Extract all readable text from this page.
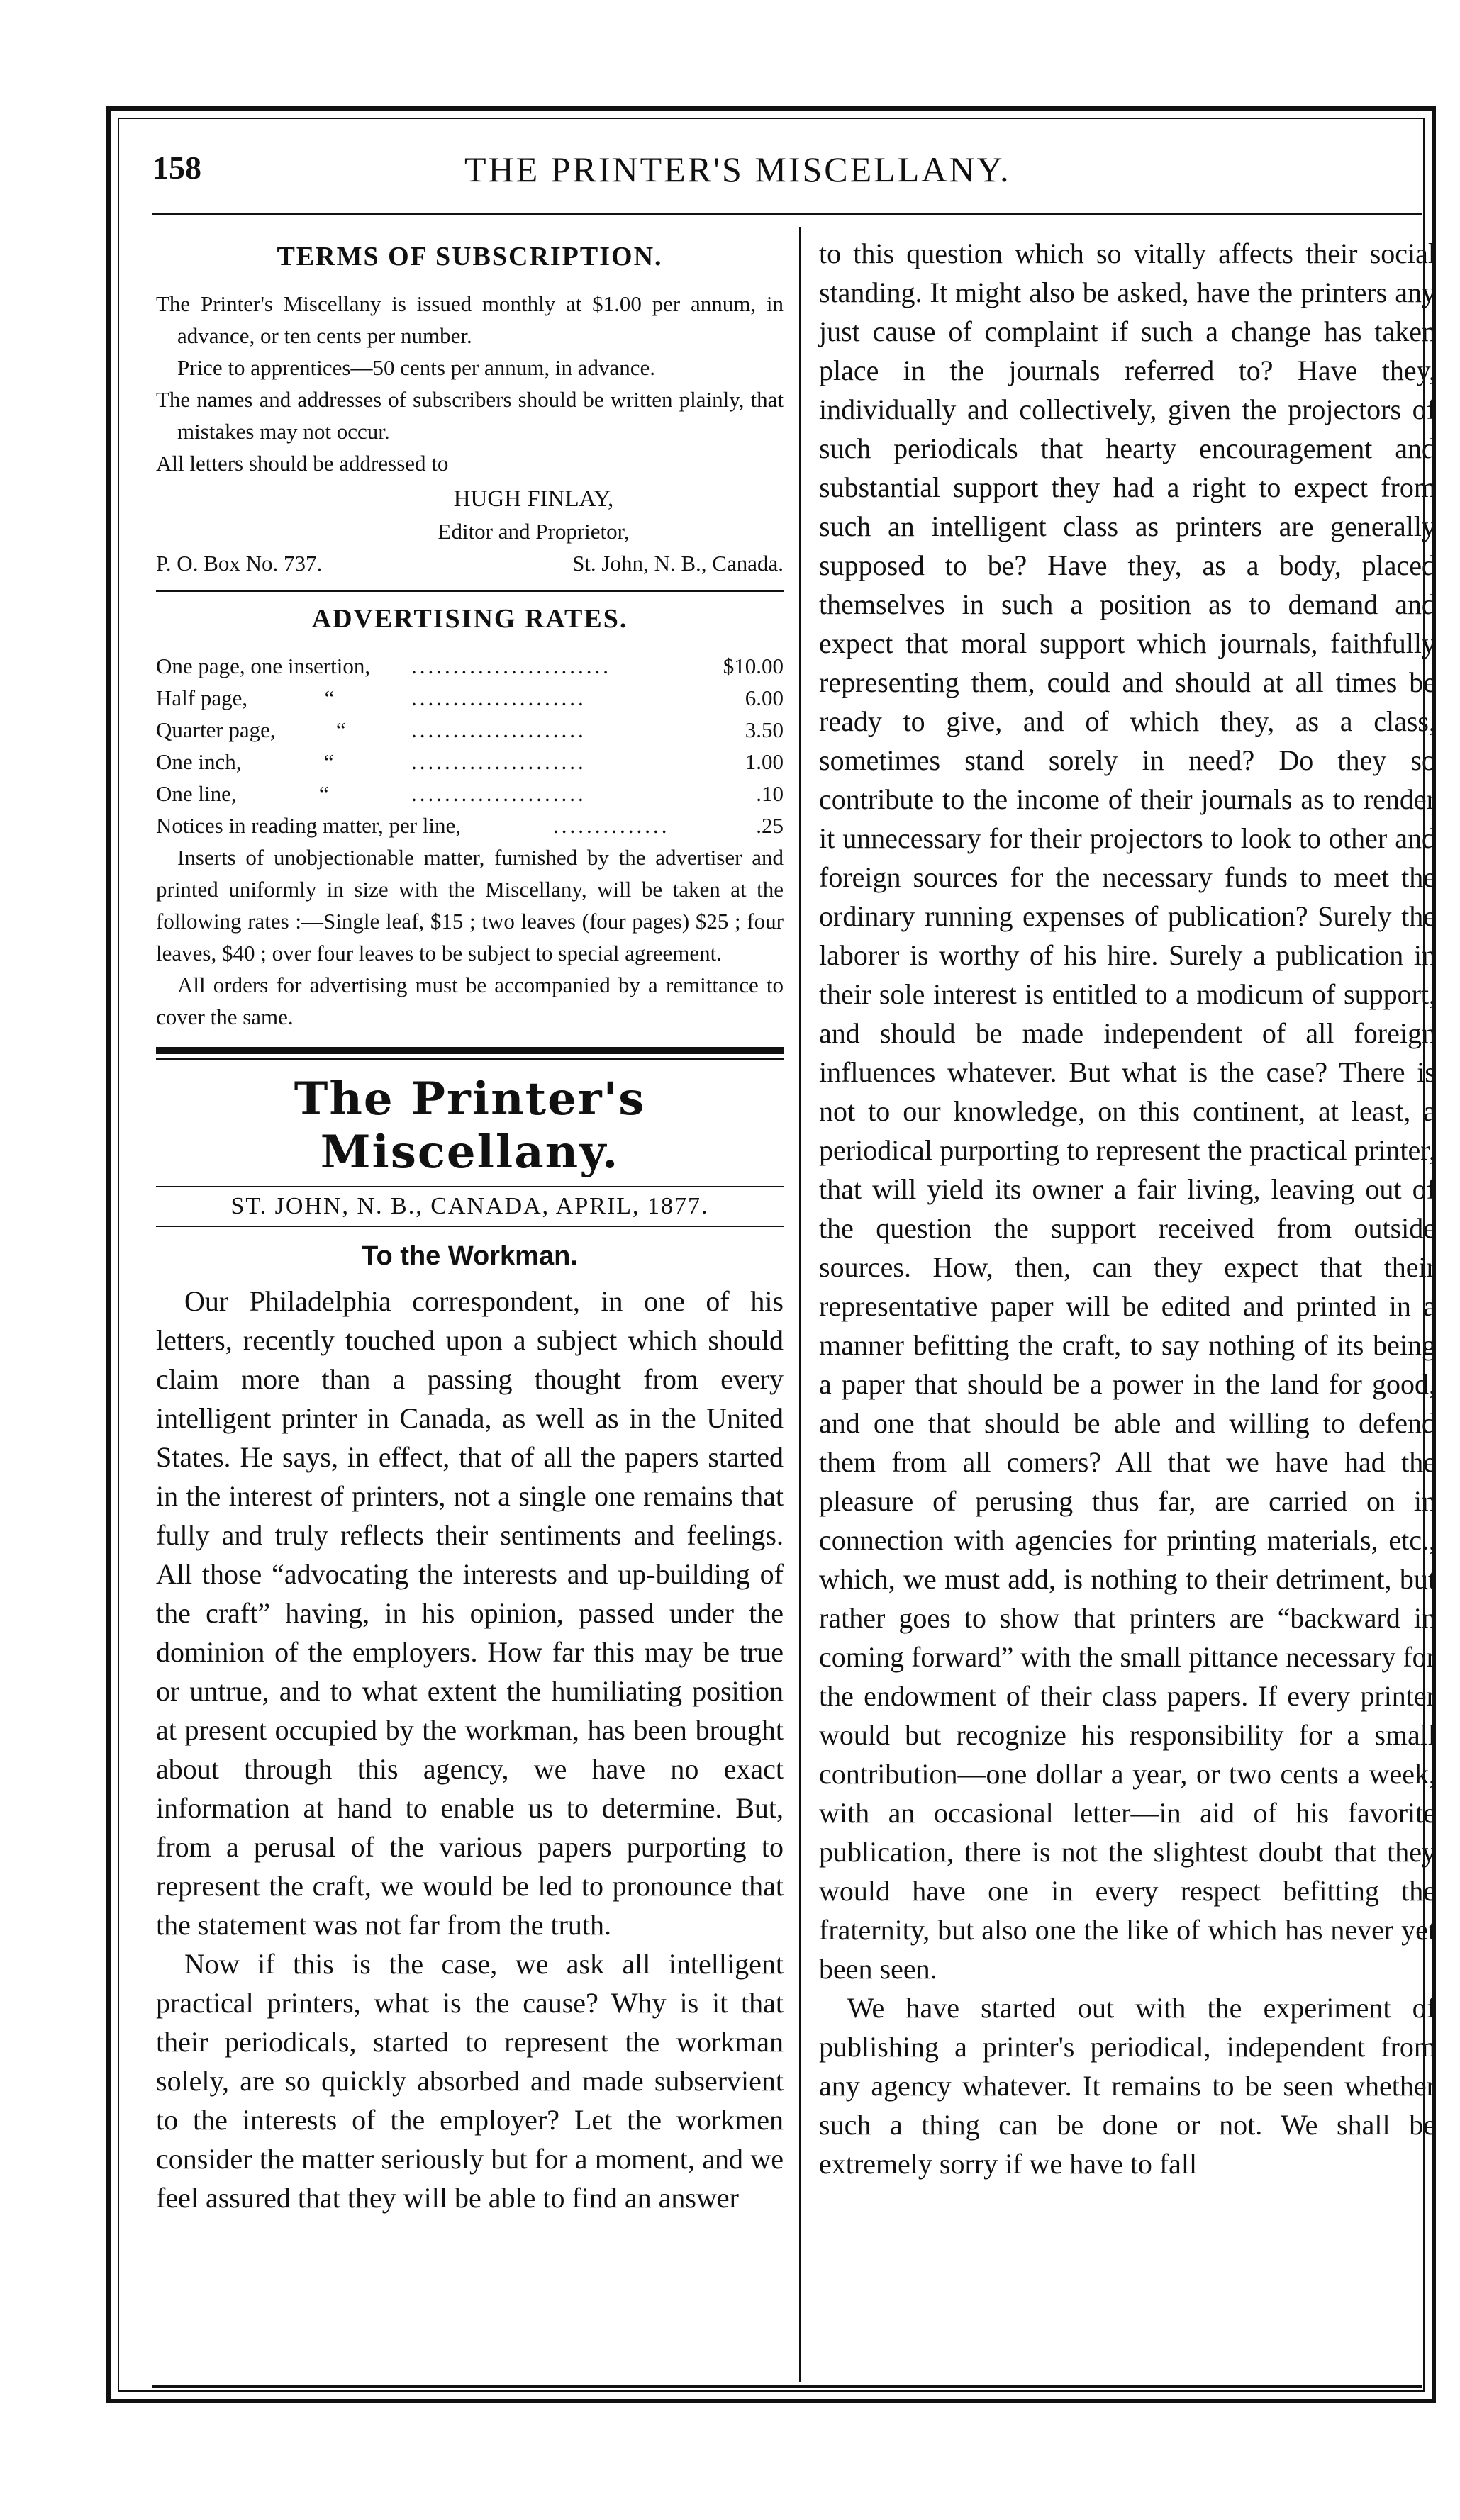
158	THE PRINTER'S MISCELLANY.
TERMS OF SUBSCRIPTION.

The Printer's Miscellany is issued monthly at $1.00 per annum, in advance, or ten cents per number.

Price to apprentices—50 cents per annum, in advance.

The names and addresses of subscribers should be written plainly, that mistakes may not occur.

All letters should be addressed to

HUGH FINLAY,

Editor and Proprietor,

P. O. Box No. 737.	St. John, N. B., Canada.
ADVERTISING RATES.
One page, one insertion,	........................	$10.00
Half page,              “	.....................	6.00
Quarter page,           “	.....................	3.50
One inch,               “	.....................	1.00
One line,               “	.....................	.10
Notices in reading matter, per line,	..............	.25

Inserts of unobjectionable matter, furnished by the advertiser and printed uniformly in size with the Miscellany, will be taken at the following rates :—Single leaf, $15 ; two leaves (four pages) $25 ; four leaves, $40 ; over four leaves to be subject to special agreement.

All orders for advertising must be accompanied by a remittance to cover the same.

The Printer's Miscellany.
ST. JOHN, N. B., CANADA, APRIL, 1877.
To the Workman.

Our Philadelphia correspondent, in one of his letters, recently touched upon a subject which should claim more than a passing thought from every intelligent printer in Canada, as well as in the United States. He says, in effect, that of all the papers started in the interest of printers, not a single one remains that fully and truly reflects their sentiments and feelings. All those “advocating the interests and up-building of the craft” having, in his opinion, passed under the dominion of the employers. How far this may be true or untrue, and to what extent the humiliating position at present occupied by the workman, has been brought about through this agency, we have no exact information at hand to enable us to determine. But, from a perusal of the various papers purporting to represent the craft, we would be led to pronounce that the statement was not far from the truth.

Now if this is the case, we ask all intelligent practical printers, what is the cause? Why is it that their periodicals, started to represent the workman solely, are so quickly absorbed and made subservient to the interests of the employer? Let the workmen consider the matter seriously but for a moment, and we feel assured that they will be able to find an answer

to this question which so vitally affects their social standing. It might also be asked, have the printers any just cause of complaint if such a change has taken place in the journals referred to? Have they, individually and collectively, given the projectors of such periodicals that hearty encouragement and substantial support they had a right to expect from such an intelligent class as printers are generally supposed to be? Have they, as a body, placed themselves in such a position as to demand and expect that moral support which journals, faithfully representing them, could and should at all times be ready to give, and of which they, as a class, sometimes stand sorely in need? Do they so contribute to the income of their journals as to render it unnecessary for their projectors to look to other and foreign sources for the necessary funds to meet the ordinary running expenses of publication? Surely the laborer is worthy of his hire. Surely a publication in their sole interest is entitled to a modicum of support, and should be made independent of all foreign influences whatever. But what is the case? There is not to our knowledge, on this continent, at least, a periodical purporting to represent the practical printer, that will yield its owner a fair living, leaving out of the question the support received from outside sources. How, then, can they expect that their representative paper will be edited and printed in a manner befitting the craft, to say nothing of its being a paper that should be a power in the land for good, and one that should be able and willing to defend them from all comers? All that we have had the pleasure of perusing thus far, are carried on in connection with agencies for printing materials, etc., which, we must add, is nothing to their detriment, but rather goes to show that printers are “backward in coming forward” with the small pittance necessary for the endowment of their class papers. If every printer would but recognize his responsibility for a small contribution—one dollar a year, or two cents a week, with an occasional letter—in aid of his favorite publication, there is not the slightest doubt that they would have one in every respect befitting the fraternity, but also one the like of which has never yet been seen.

We have started out with the experiment of publishing a printer's periodical, independent from any agency whatever. It remains to be seen whether such a thing can be done or not. We shall be extremely sorry if we have to fall
